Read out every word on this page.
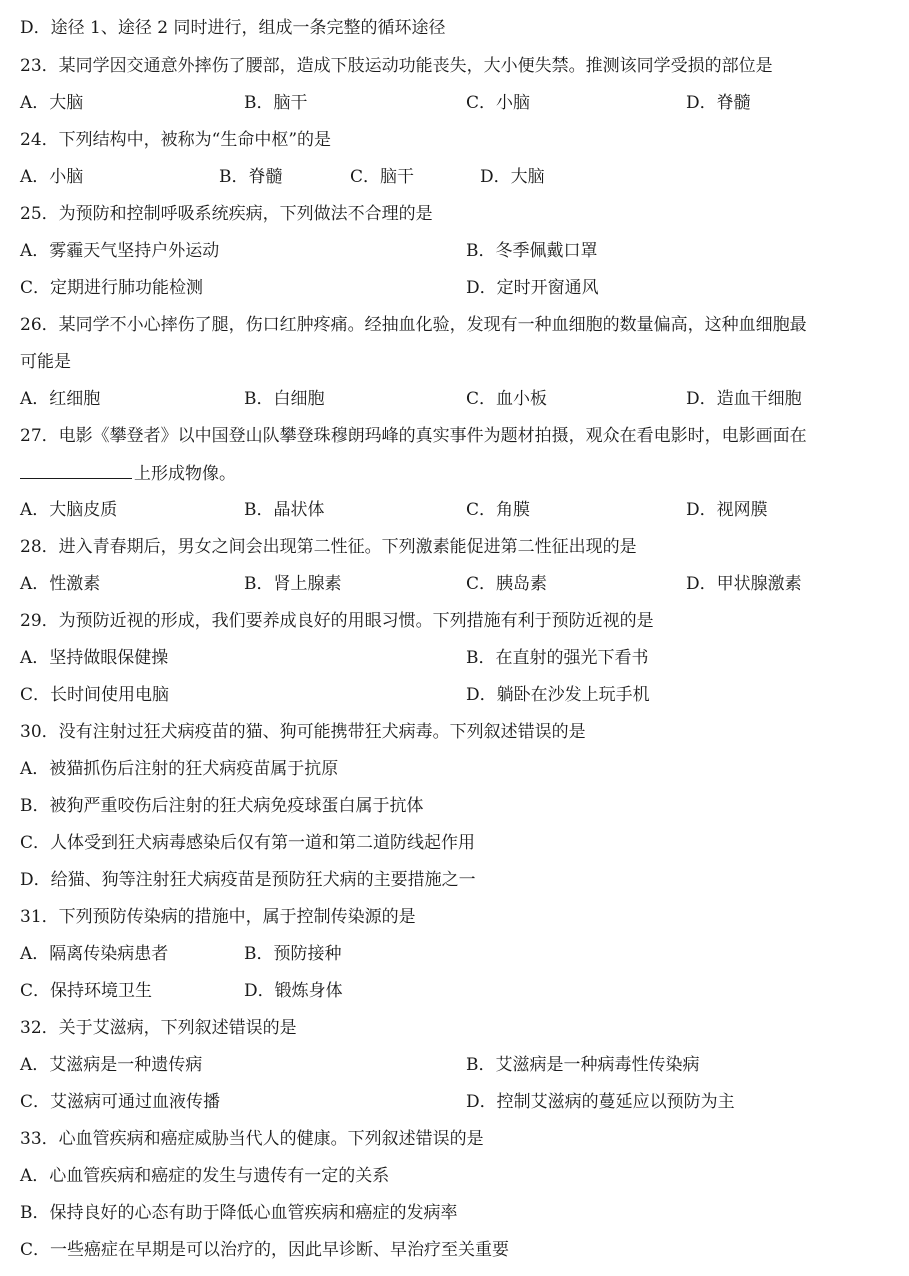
D．途径 1、途径 2 同时进行，组成一条完整的循环途径
23．某同学因交通意外摔伤了腰部，造成下肢运动功能丧失，大小便失禁。推测该同学受损的部位是
A．大脑	B．脑干	C．小脑	D．脊髓
24．下列结构中，被称为“生命中枢”的是
A．小脑	B．脊髓	C．脑干	D．大脑
25．为预防和控制呼吸系统疾病，下列做法不合理的是
A．雾霾天气坚持户外运动	B．冬季佩戴口罩
C．定期进行肺功能检测	D．定时开窗通风
26．某同学不小心摔伤了腿，伤口红肿疼痛。经抽血化验，发现有一种血细胞的数量偏高，这种血细胞最
可能是
A．红细胞	B．白细胞	C．血小板	D．造血干细胞
27．电影《攀登者》以中国登山队攀登珠穆朗玛峰的真实事件为题材拍摄，观众在看电影时，电影画面在
上形成物像。
A．大脑皮质	B．晶状体	C．角膜	D．视网膜
28．进入青春期后，男女之间会出现第二性征。下列激素能促进第二性征出现的是
A．性激素	B．肾上腺素	C．胰岛素	D．甲状腺激素
29．为预防近视的形成，我们要养成良好的用眼习惯。下列措施有利于预防近视的是
A．坚持做眼保健操	B．在直射的强光下看书
C．长时间使用电脑	D．躺卧在沙发上玩手机
30．没有注射过狂犬病疫苗的猫、狗可能携带狂犬病毒。下列叙述错误的是
A．被猫抓伤后注射的狂犬病疫苗属于抗原
B．被狗严重咬伤后注射的狂犬病免疫球蛋白属于抗体
C．人体受到狂犬病毒感染后仅有第一道和第二道防线起作用
D．给猫、狗等注射狂犬病疫苗是预防狂犬病的主要措施之一
31．下列预防传染病的措施中，属于控制传染源的是
A．隔离传染病患者	B．预防接种
C．保持环境卫生	D．锻炼身体
32．关于艾滋病，下列叙述错误的是
A．艾滋病是一种遗传病	B．艾滋病是一种病毒性传染病
C．艾滋病可通过血液传播	D．控制艾滋病的蔓延应以预防为主
33．心血管疾病和癌症威胁当代人的健康。下列叙述错误的是
A．心血管疾病和癌症的发生与遗传有一定的关系
B．保持良好的心态有助于降低心血管疾病和癌症的发病率
C．一些癌症在早期是可以治疗的，因此早诊断、早治疗至关重要
